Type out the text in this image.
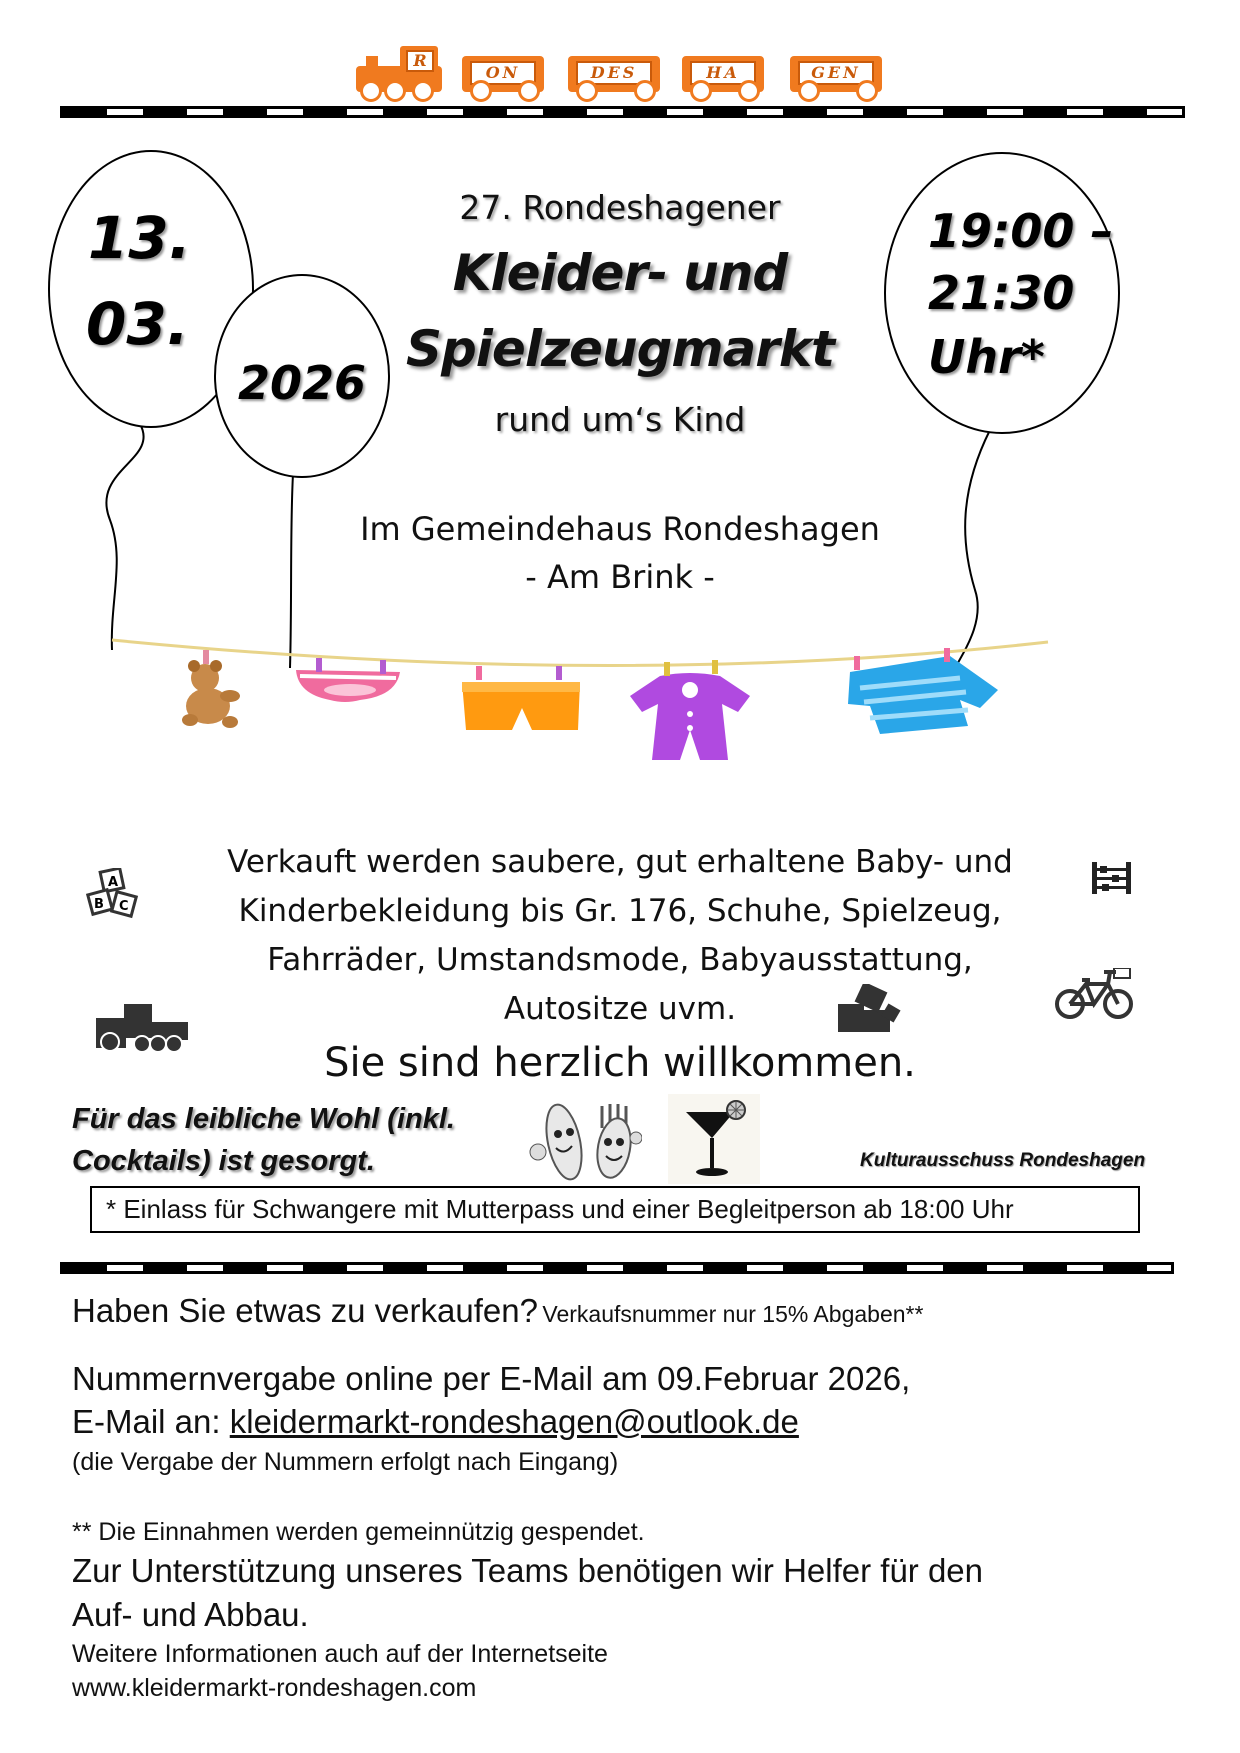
R
ON	DES	HA	GEN
13.
03.
2026
19:00 –
21:30
Uhr*
27. Rondeshagener
Kleider- und
Spielzeugmarkt
rund um‘s Kind
Im Gemeindehaus Rondeshagen
- Am Brink -
A
B C
Verkauft werden saubere, gut erhaltene Baby- und
Kinderbekleidung bis Gr. 176, Schuhe, Spielzeug,
Fahrräder, Umstandsmode, Babyausstattung,
Autositze uvm.
Sie sind herzlich willkommen.
Für das leibliche Wohl (inkl.
Cocktails) ist gesorgt.	Kulturausschuss Rondeshagen
* Einlass für Schwangere mit Mutterpass und einer Begleitperson ab 18:00 Uhr
Haben Sie etwas zu verkaufen? Verkaufsnummer nur 15% Abgaben**
Nummernvergabe online per E-Mail am 09.Februar 2026,
E-Mail an: kleidermarkt-rondeshagen@outlook.de
(die Vergabe der Nummern erfolgt nach Eingang)
** Die Einnahmen werden gemeinnützig gespendet.
Zur Unterstützung unseres Teams benötigen wir Helfer für den
Auf- und Abbau.
Weitere Informationen auch auf der Internetseite
www.kleidermarkt-rondeshagen.com
